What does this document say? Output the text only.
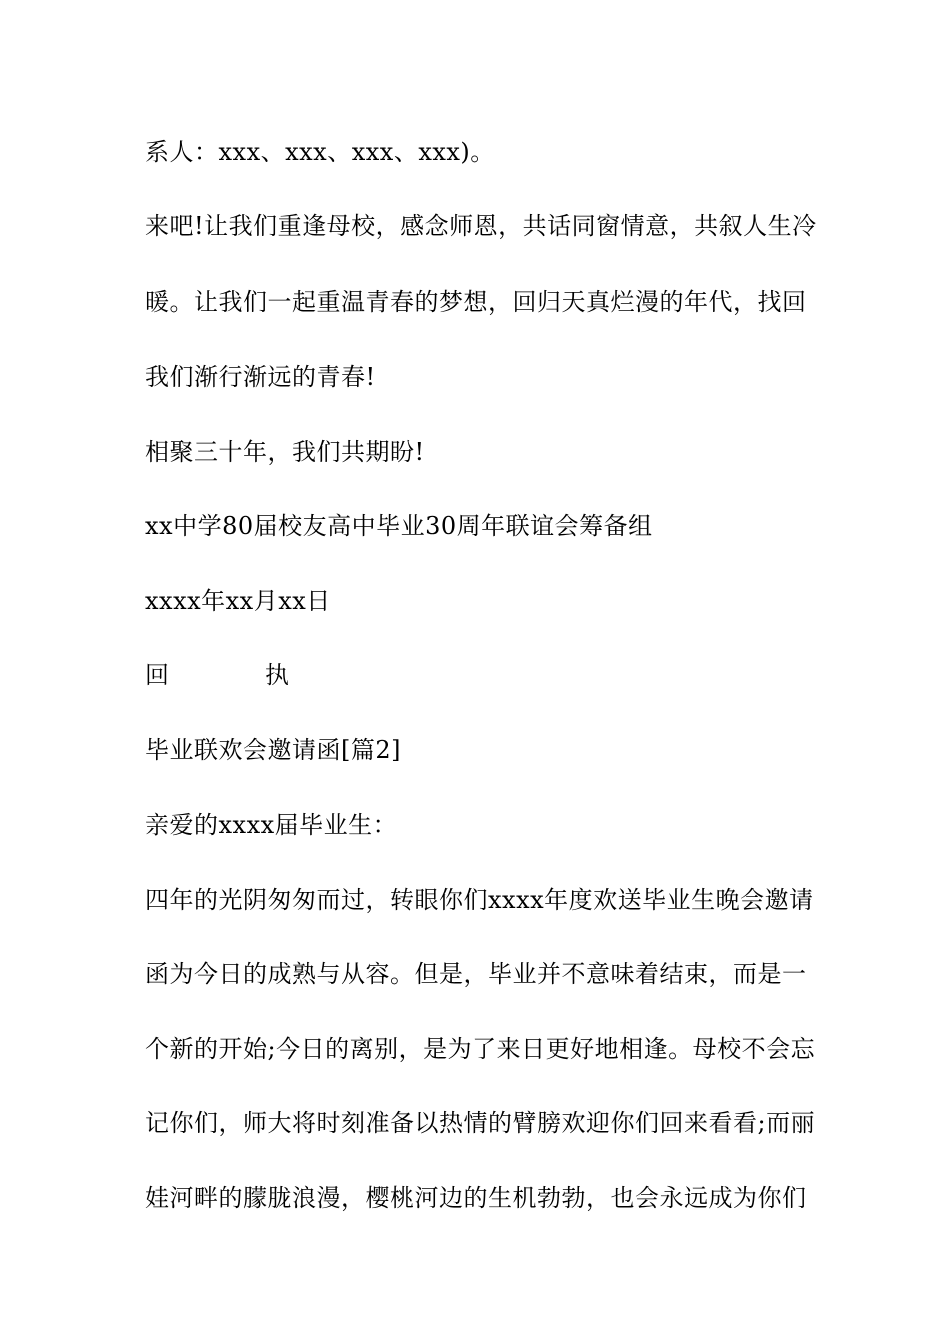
系人：xxx、xxx、xxx、xxx)。
来吧!让我们重逢母校，感念师恩，共话同窗情意，共叙人生冷
暖。让我们一起重温青春的梦想，回归天真烂漫的年代，找回
我们渐行渐远的青春!
相聚三十年，我们共期盼!
xx中学80届校友高中毕业30周年联谊会筹备组
xxxx年xx月xx日
回	执
毕业联欢会邀请函[篇2]
亲爱的xxxx届毕业生：
四年的光阴匆匆而过，转眼你们xxxx年度欢送毕业生晚会邀请
函为今日的成熟与从容。但是，毕业并不意味着结束，而是一
个新的开始;今日的离别，是为了来日更好地相逢。母校不会忘
记你们，师大将时刻准备以热情的臂膀欢迎你们回来看看;而丽
娃河畔的朦胧浪漫，樱桃河边的生机勃勃，也会永远成为你们
